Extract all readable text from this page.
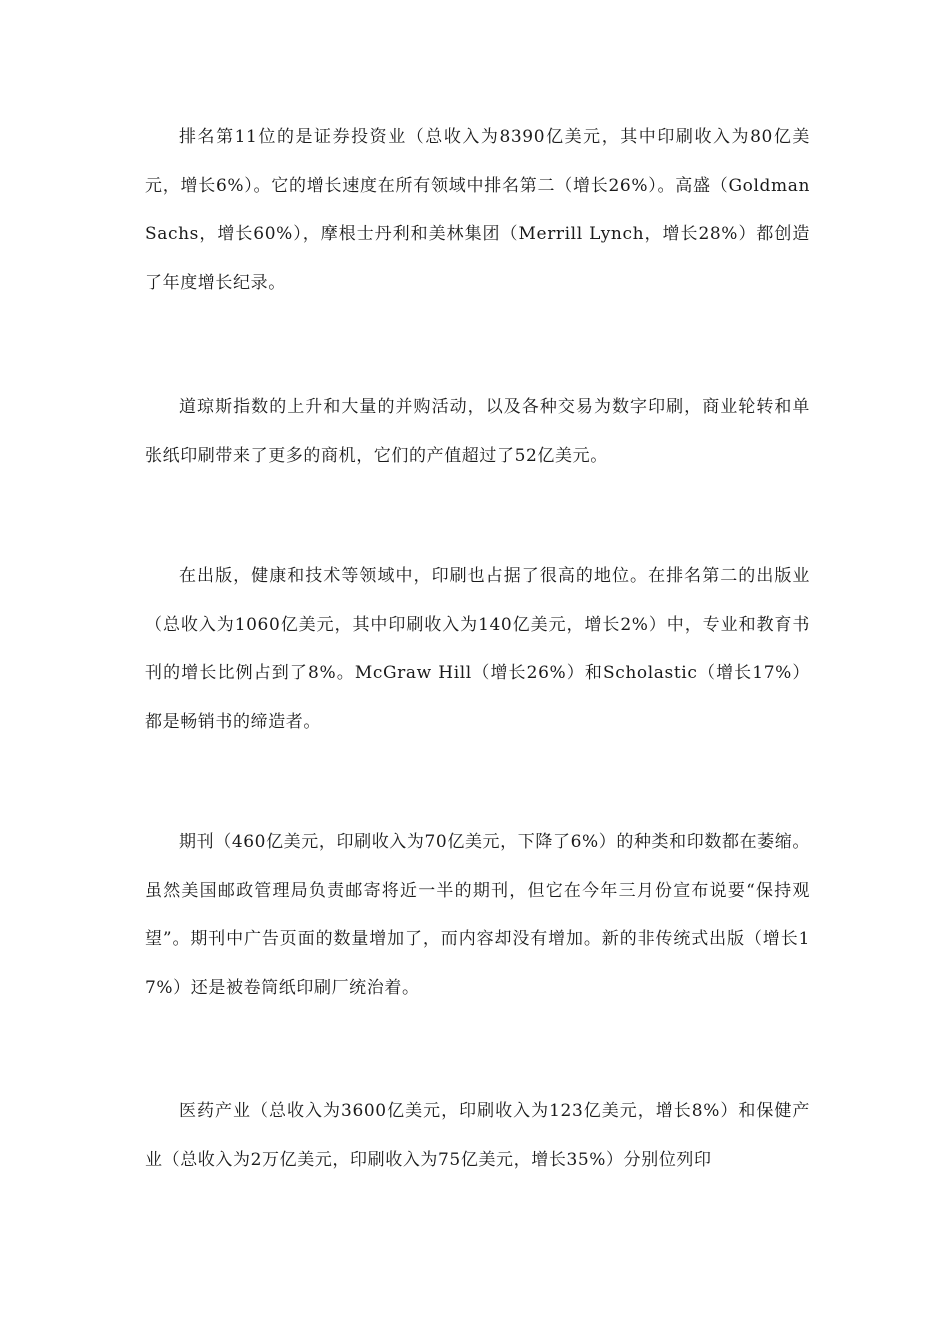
排名第11位的是证券投资业（总收入为8390亿美元，其中印刷收入为80亿美元，增长6%）。它的增长速度在所有领域中排名第二（增长26%）。高盛（Goldman Sachs，增长60%），摩根士丹利和美林集团（Merrill Lynch，增长28%）都创造了年度增长纪录。

道琼斯指数的上升和大量的并购活动，以及各种交易为数字印刷，商业轮转和单张纸印刷带来了更多的商机，它们的产值超过了52亿美元。

在出版，健康和技术等领域中，印刷也占据了很高的地位。在排名第二的出版业（总收入为1060亿美元，其中印刷收入为140亿美元，增长2%）中，专业和教育书刊的增长比例占到了8%。McGraw Hill（增长26%）和Scholastic（增长17%）都是畅销书的缔造者。

期刊（460亿美元，印刷收入为70亿美元，下降了6%）的种类和印数都在萎缩。虽然美国邮政管理局负责邮寄将近一半的期刊，但它在今年三月份宣布说要“保持观望”。期刊中广告页面的数量增加了，而内容却没有增加。新的非传统式出版（增长17%）还是被卷筒纸印刷厂统治着。

医药产业（总收入为3600亿美元，印刷收入为123亿美元，增长8%）和保健产业（总收入为2万亿美元，印刷收入为75亿美元，增长35%）分别位列印
